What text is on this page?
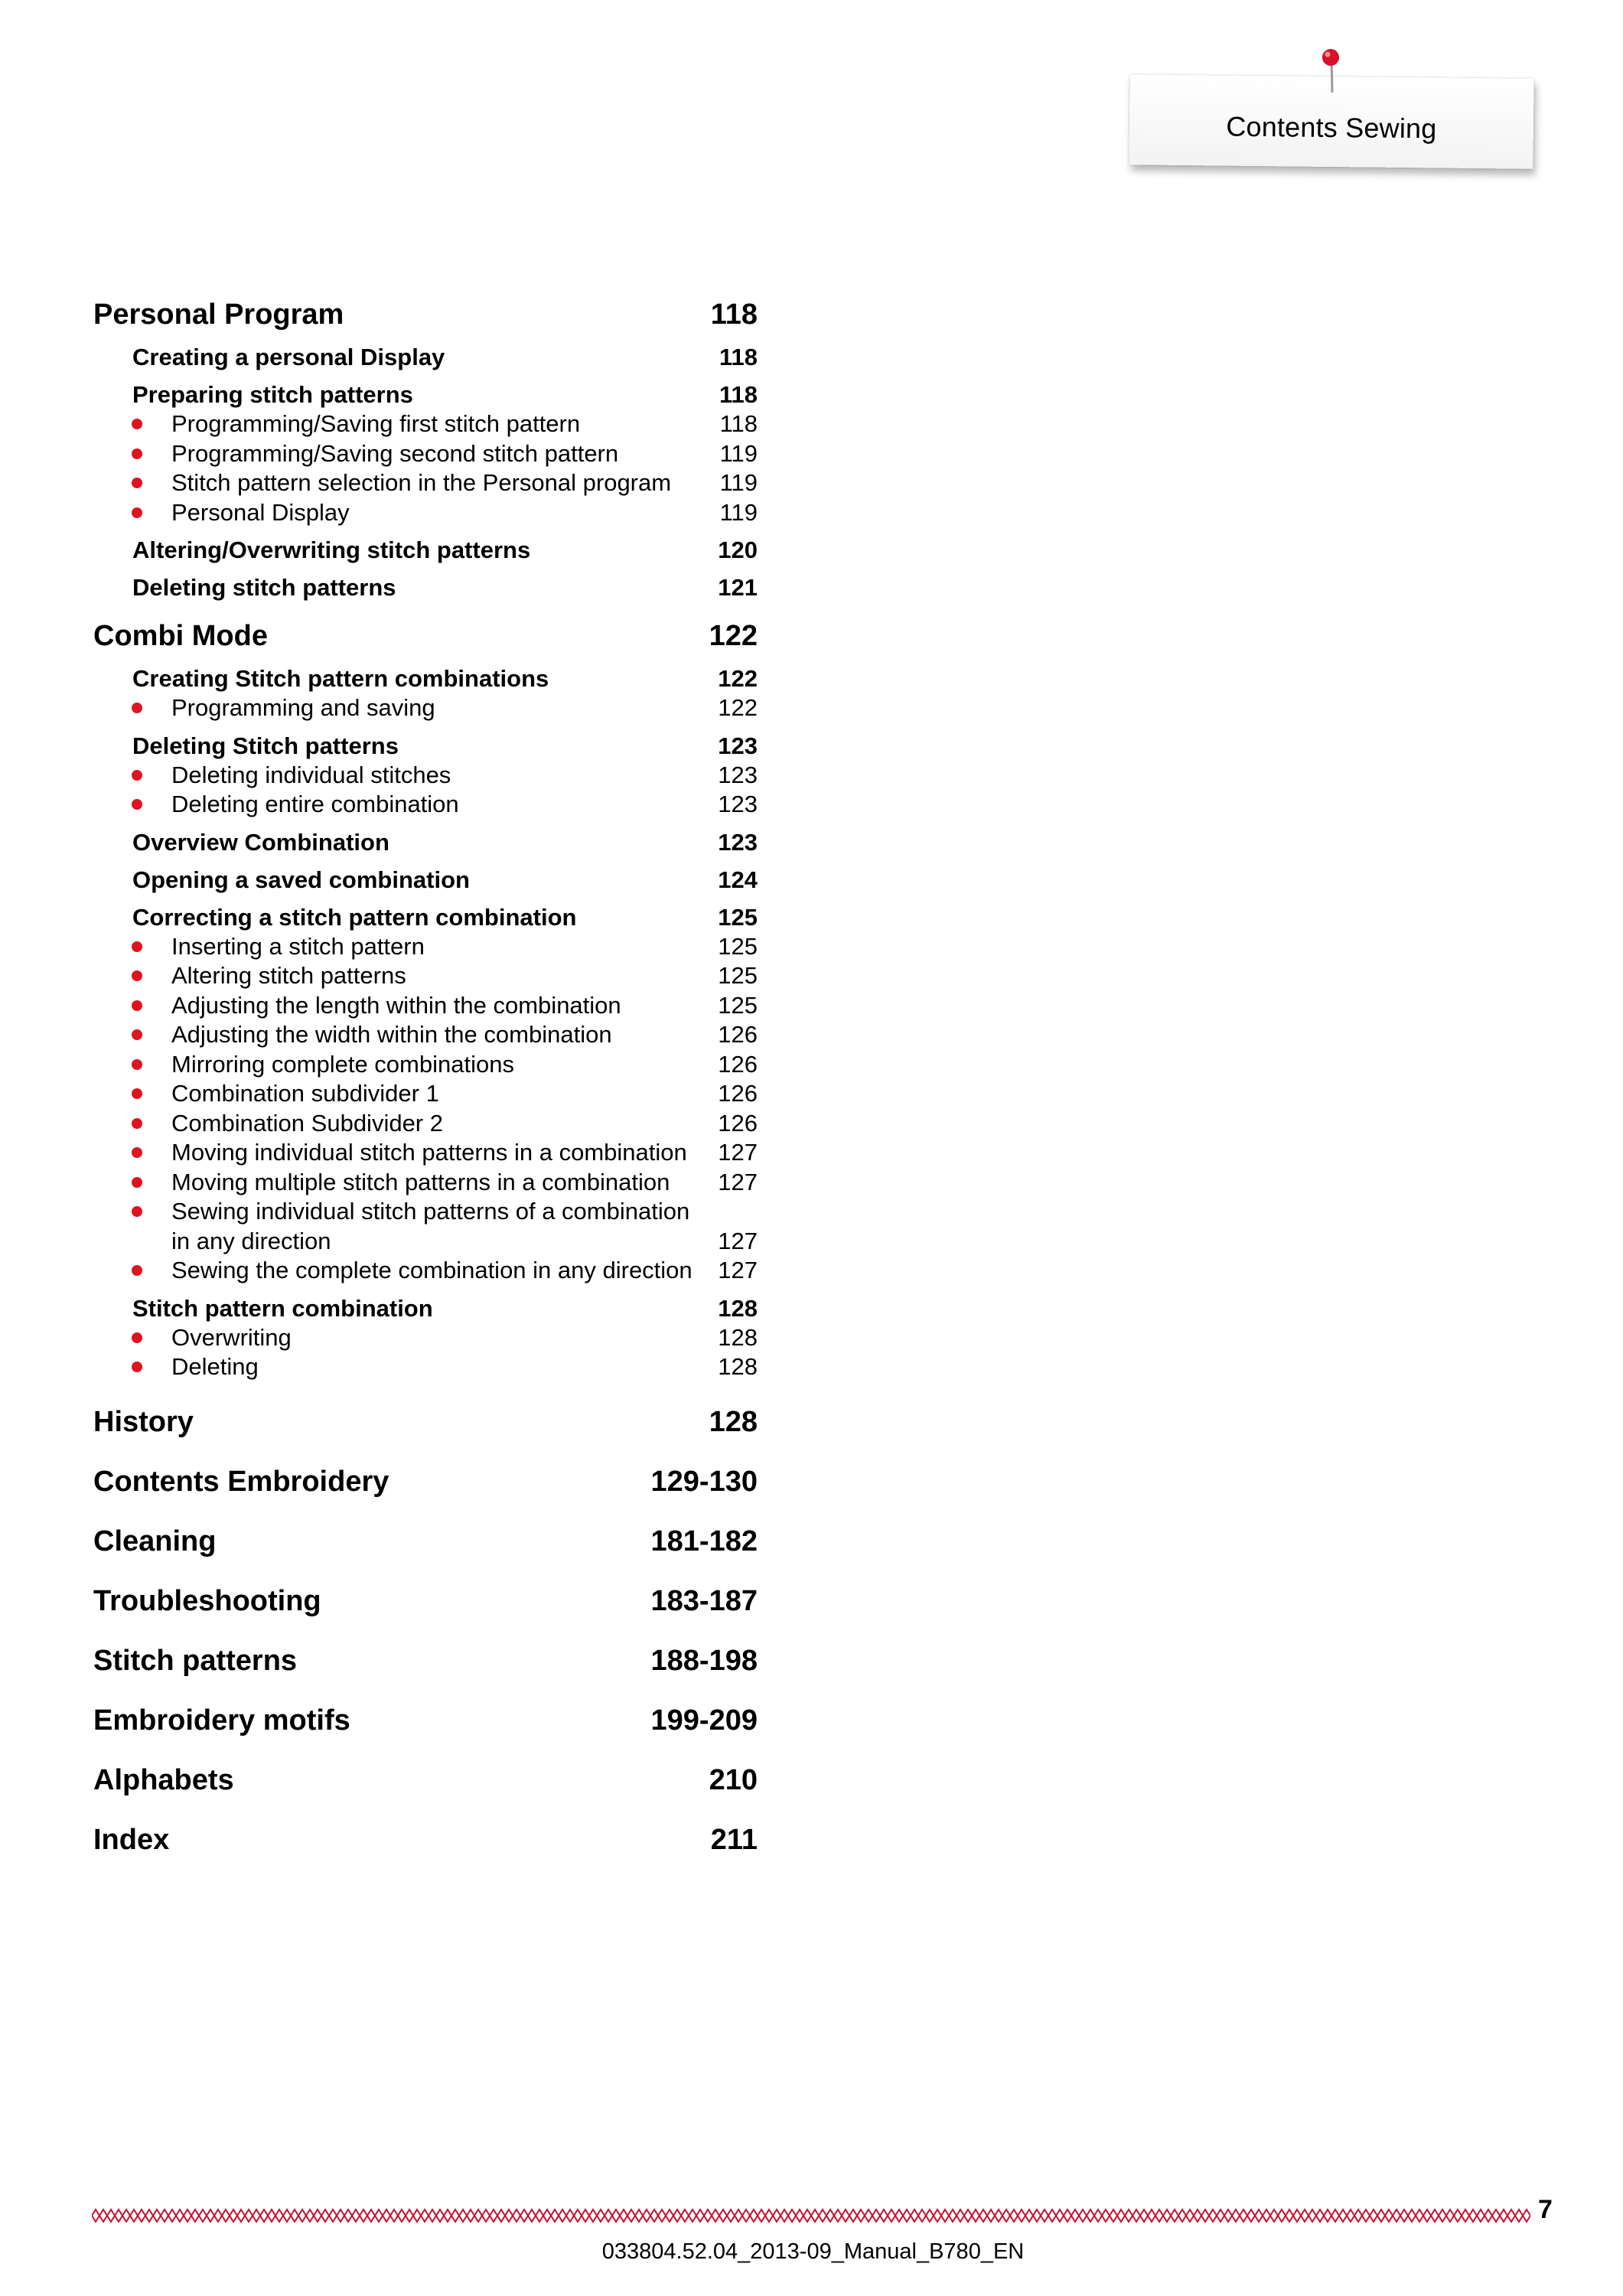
Contents Sewing
Personal Program	118
Creating a personal Display	118
Preparing stitch patterns	118
Programming/Saving first stitch pattern	118
Programming/Saving second stitch pattern	119
Stitch pattern selection in the Personal program 119
Personal Display	119
Altering/Overwriting stitch patterns	120
Deleting stitch patterns	121
Combi Mode	122
Creating Stitch pattern combinations	122
Programming and saving	122
Deleting Stitch patterns	123
Deleting individual stitches	123
Deleting entire combination	123
Overview Combination	123
Opening a saved combination	124
Correcting a stitch pattern combination	125
Inserting a stitch pattern	125
Altering stitch patterns	125
Adjusting the length within the combination	125
Adjusting the width within the combination	126
Mirroring complete combinations	126
Combination subdivider 1	126
Combination Subdivider 2	126
Moving individual stitch patterns in a combination 127
Moving multiple stitch patterns in a combination 127
Sewing individual stitch patterns of a combination in any direction	127
Sewing the complete combination in any direction 127
Stitch pattern combination	128
Overwriting	128
Deleting	128
History	128
Contents Embroidery	129-130
Cleaning	181-182
Troubleshooting	183-187
Stitch patterns	188-198
Embroidery motifs	199-209
Alphabets	210
Index	211
7
033804.52.04_2013-09_Manual_B780_EN
